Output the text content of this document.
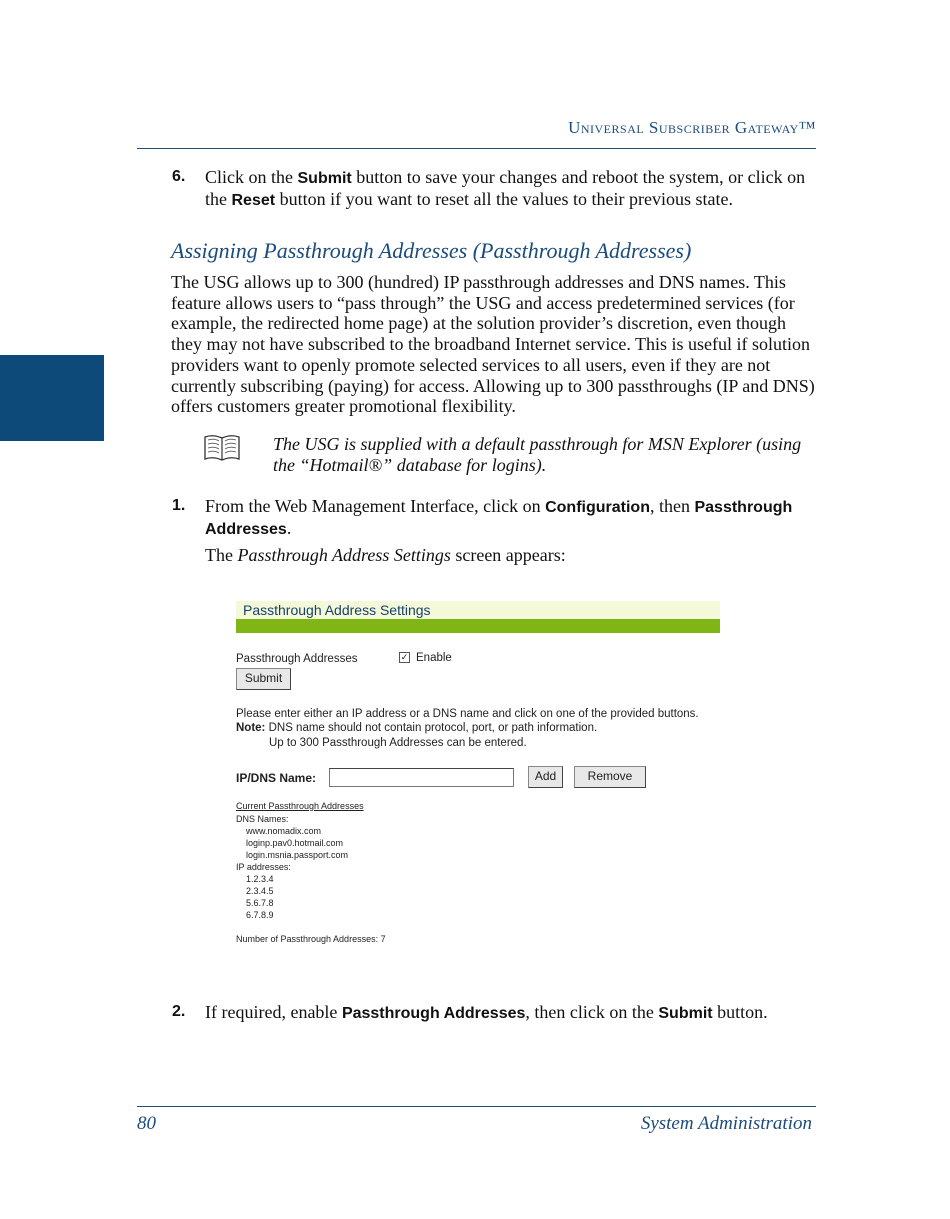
Universal Subscriber Gateway™
6. Click on the Submit button to save your changes and reboot the system, or click on the Reset button if you want to reset all the values to their previous state.
Assigning Passthrough Addresses (Passthrough Addresses)
The USG allows up to 300 (hundred) IP passthrough addresses and DNS names. This feature allows users to “pass through” the USG and access predetermined services (for example, the redirected home page) at the solution provider’s discretion, even though they may not have subscribed to the broadband Internet service. This is useful if solution providers want to openly promote selected services to all users, even if they are not currently subscribing (paying) for access. Allowing up to 300 passthroughs (IP and DNS) offers customers greater promotional flexibility.
The USG is supplied with a default passthrough for MSN Explorer (using the “Hotmail®” database for logins).
1. From the Web Management Interface, click on Configuration, then Passthrough Addresses.
The Passthrough Address Settings screen appears:
Passthrough Address Settings
Passthrough Addresses	✓ Enable
Submit
Please enter either an IP address or a DNS name and click on one of the provided buttons.
Note: DNS name should not contain protocol, port, or path information.
Up to 300 Passthrough Addresses can be entered.
IP/DNS Name:	Add	Remove
Current Passthrough Addresses
DNS Names:
www.nomadix.com
loginp.pav0.hotmail.com
login.msnia.passport.com
IP addresses:
1.2.3.4
2.3.4.5
5.6.7.8
6.7.8.9
Number of Passthrough Addresses: 7
2. If required, enable Passthrough Addresses, then click on the Submit button.
80	System Administration
